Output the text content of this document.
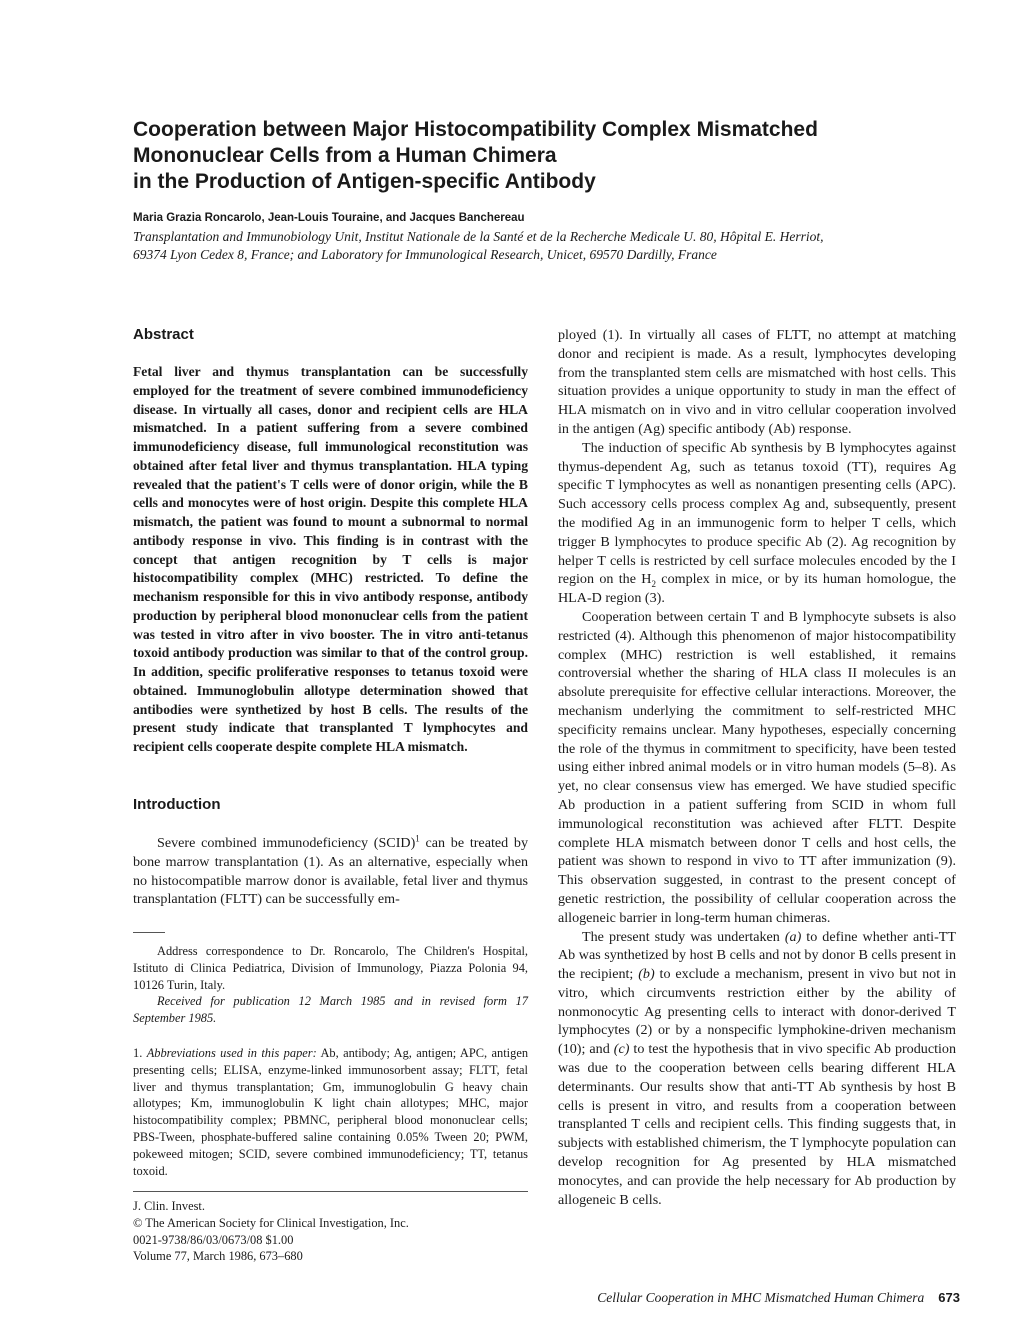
Cooperation between Major Histocompatibility Complex Mismatched
Mononuclear Cells from a Human Chimera
in the Production of Antigen-specific Antibody
Maria Grazia Roncarolo, Jean-Louis Touraine, and Jacques Banchereau
Transplantation and Immunobiology Unit, Institut Nationale de la Santé et de la Recherche Medicale U. 80, Hôpital E. Herriot,
69374 Lyon Cedex 8, France; and Laboratory for Immunological Research, Unicet, 69570 Dardilly, France
Abstract

Fetal liver and thymus transplantation can be successfully employed for the treatment of severe combined immunodeficiency disease. In virtually all cases, donor and recipient cells are HLA mismatched. In a patient suffering from a severe combined immunodeficiency disease, full immunological reconstitution was obtained after fetal liver and thymus transplantation. HLA typing revealed that the patient's T cells were of donor origin, while the B cells and monocytes were of host origin. Despite this complete HLA mismatch, the patient was found to mount a subnormal to normal antibody response in vivo. This finding is in contrast with the concept that antigen recognition by T cells is major histocompatibility complex (MHC) restricted. To define the mechanism responsible for this in vivo antibody response, antibody production by peripheral blood mononuclear cells from the patient was tested in vitro after in vivo booster. The in vitro anti-tetanus toxoid antibody production was similar to that of the control group. In addition, specific proliferative responses to tetanus toxoid were obtained. Immunoglobulin allotype determination showed that antibodies were synthetized by host B cells. The results of the present study indicate that transplanted T lymphocytes and recipient cells cooperate despite complete HLA mismatch.

Introduction

Severe combined immunodeficiency (SCID)$^1$ can be treated by bone marrow transplantation (1). As an alternative, especially when no histocompatible marrow donor is available, fetal liver and thymus transplantation (FLTT) can be successfully em-

Address correspondence to Dr. Roncarolo, The Children's Hospital, Istituto di Clinica Pediatrica, Division of Immunology, Piazza Polonia 94, 10126 Turin, Italy.

Received for publication 12 March 1985 and in revised form 17 September 1985.

1. Abbreviations used in this paper: Ab, antibody; Ag, antigen; APC, antigen presenting cells; ELISA, enzyme-linked immunosorbent assay; FLTT, fetal liver and thymus transplantation; Gm, immunoglobulin G heavy chain allotypes; Km, immunoglobulin K light chain allotypes; MHC, major histocompatibility complex; PBMNC, peripheral blood mononuclear cells; PBS-Tween, phosphate-buffered saline containing 0.05% Tween 20; PWM, pokeweed mitogen; SCID, severe combined immunodeficiency; TT, tetanus toxoid.

J. Clin. Invest.

© The American Society for Clinical Investigation, Inc.

0021-9738/86/03/0673/08 $1.00

Volume 77, March 1986, 673–680

ployed (1). In virtually all cases of FLTT, no attempt at matching donor and recipient is made. As a result, lymphocytes developing from the transplanted stem cells are mismatched with host cells. This situation provides a unique opportunity to study in man the effect of HLA mismatch on in vivo and in vitro cellular cooperation involved in the antigen (Ag) specific antibody (Ab) response.

The induction of specific Ab synthesis by B lymphocytes against thymus-dependent Ag, such as tetanus toxoid (TT), requires Ag specific T lymphocytes as well as nonantigen presenting cells (APC). Such accessory cells process complex Ag and, subsequently, present the modified Ag in an immunogenic form to helper T cells, which trigger B lymphocytes to produce specific Ab (2). Ag recognition by helper T cells is restricted by cell surface molecules encoded by the I region on the $H_2$ complex in mice, or by its human homologue, the HLA-D region (3).

Cooperation between certain T and B lymphocyte subsets is also restricted (4). Although this phenomenon of major histocompatibility complex (MHC) restriction is well established, it remains controversial whether the sharing of HLA class II molecules is an absolute prerequisite for effective cellular interactions. Moreover, the mechanism underlying the commitment to self-restricted MHC specificity remains unclear. Many hypotheses, especially concerning the role of the thymus in commitment to specificity, have been tested using either inbred animal models or in vitro human models (5–8). As yet, no clear consensus view has emerged. We have studied specific Ab production in a patient suffering from SCID in whom full immunological reconstitution was achieved after FLTT. Despite complete HLA mismatch between donor T cells and host cells, the patient was shown to respond in vivo to TT after immunization (9). This observation suggested, in contrast to the present concept of genetic restriction, the possibility of cellular cooperation across the allogeneic barrier in long-term human chimeras.

The present study was undertaken (a) to define whether anti-TT Ab was synthetized by host B cells and not by donor B cells present in the recipient; (b) to exclude a mechanism, present in vivo but not in vitro, which circumvents restriction either by the ability of nonmonocytic Ag presenting cells to interact with donor-derived T lymphocytes (2) or by a nonspecific lymphokine-driven mechanism (10); and (c) to test the hypothesis that in vivo specific Ab production was due to the cooperation between cells bearing different HLA determinants. Our results show that anti-TT Ab synthesis by host B cells is present in vitro, and results from a cooperation between transplanted T cells and recipient cells. This finding suggests that, in subjects with established chimerism, the T lymphocyte population can develop recognition for Ag presented by HLA mismatched monocytes, and can provide the help necessary for Ab production by allogeneic B cells.

Cellular Cooperation in MHC Mismatched Human Chimera 673
